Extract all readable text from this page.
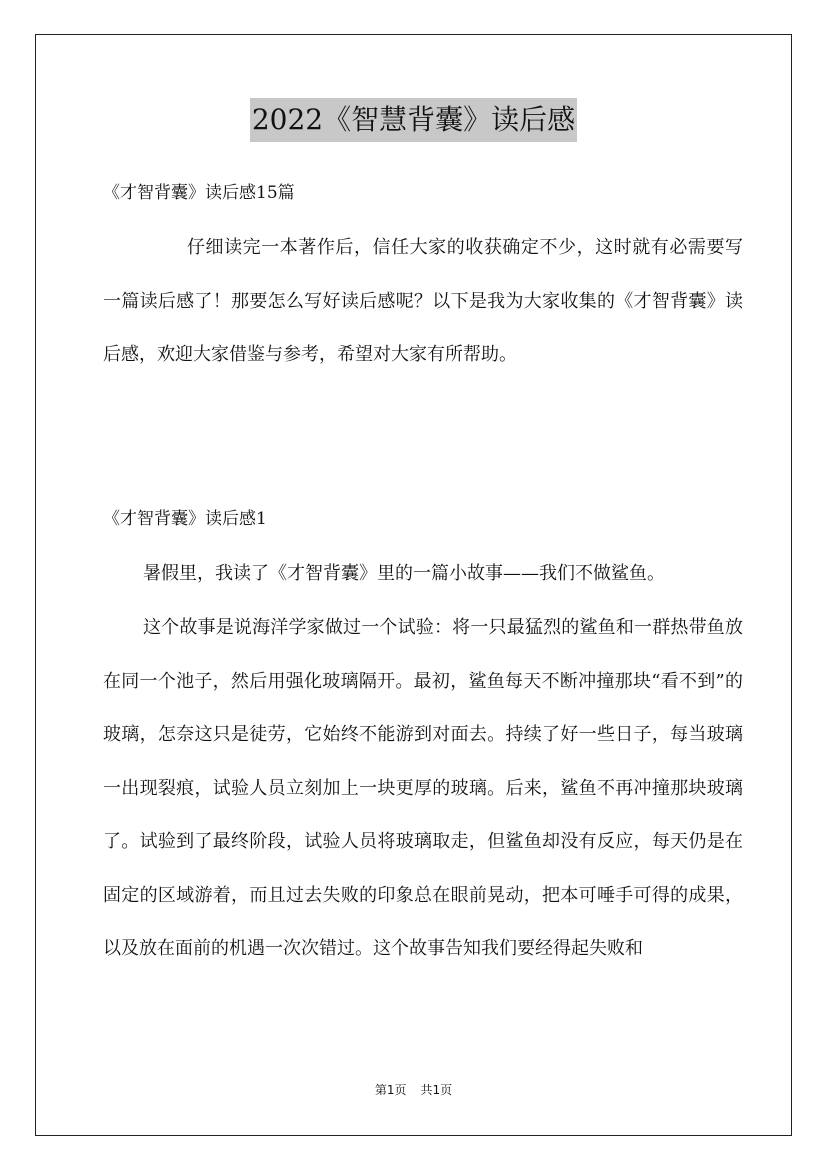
2022《智慧背囊》读后感
《才智背囊》读后感15篇

仔细读完一本著作后，信任大家的收获确定不少，这时就有必需要写一篇读后感了！那要怎么写好读后感呢？以下是我为大家收集的《才智背囊》读后感，欢迎大家借鉴与参考，希望对大家有所帮助。

《才智背囊》读后感1

暑假里，我读了《才智背囊》里的一篇小故事——我们不做鲨鱼。

这个故事是说海洋学家做过一个试验：将一只最猛烈的鲨鱼和一群热带鱼放在同一个池子，然后用强化玻璃隔开。最初，鲨鱼每天不断冲撞那块“看不到”的玻璃，怎奈这只是徒劳，它始终不能游到对面去。持续了好一些日子，每当玻璃一出现裂痕，试验人员立刻加上一块更厚的玻璃。后来，鲨鱼不再冲撞那块玻璃了。试验到了最终阶段，试验人员将玻璃取走，但鲨鱼却没有反应，每天仍是在固定的区域游着，而且过去失败的印象总在眼前晃动，把本可唾手可得的成果，以及放在面前的机遇一次次错过。这个故事告知我们要经得起失败和

第1页 共1页
